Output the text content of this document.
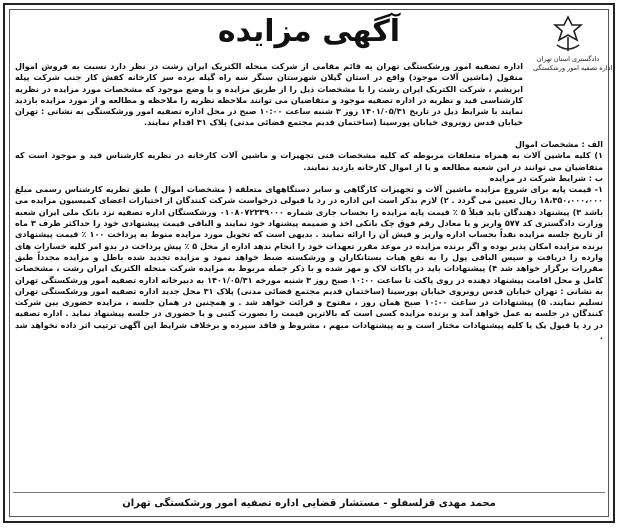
دادگستری استان تهران
اداره تصفیه امور ورشکستگی
آگهی مزایده

اداره تصفیه امور ورشکستگی تهران به قائم مقامی از شرکت منحله الکتریک ایران رشت در نظر دارد نسبت به فروش اموال منقول (ماشین آلات موجود) واقع در استان گیلان شهرستان سنگر سه راه گیله برده سر کارخانه کفش کار جنب شرکت پیله ابریشم ، شرکت الکتریک ایران رشت را با مشخصات ذیل را از طریق مزایده و با وضع موجود که مشخصات مورد مزایده در نظریه کارشناسی قید و نظریه در اداره تصفیه موجود و متقاضیان می توانند ملاحظه نظریه را ملاحظه و مطالعه و از مورد مزایده بازدید نمایند با شرایط ذیل در تاریخ ۱۴۰۱/۰۵/۳۱ روز ۳ شنبه ساعت ۱۰:۰۰ صبح در محل اداره تصفیه امور ورشکستگی به نشانی : تهران خیابان قدس روبروی خیابان پورسینا (ساختمان قدیم مجتمع قضائی مدنی) پلاک ۳۱ اقدام نمایند.

الف : مشخصات اموال

۱) کلیه ماشین آلات به همراه متعلقات مربوطه که کلیه مشخصات فنی تجهیزات و ماشین آلات کارخانه در نظریه کارشناس قید و موجود است که متقاضیان می توانند در این شعبه مطالعه و یا از اموال کارخانه بازدید نمایند.

ب : شرایط شرکت در مزایده

۱- قیمت پایه برای شروع مزایده ماشین آلات و تجهیزات کارگاهی و سایر دستگاههای متعلقه ( مشخصات اموال ) طبق نظریه کارشناس رسمی مبلغ ۱۸،۳۵۰،۰۰۰،۰۰۰ ریال تعیین می گردد . ۲) لازم بذکر است این اداره در رد یا قبولی درخواست شرکت کنندگان از اختیارات اعضای کمیسیون مزایده می باشد ۳) پیشنهاد دهندگان باید قبلاً ۵ ٪ قیمت پایه مزایده را بحساب جاری شماره ۰۱۰۸۰۷۲۳۳۹۰۰۰ ورشکستگان اداره تصفیه نزد بانک ملی ایران شعبه وزارت دادگستری کد ۵۷۷ واریز و یا معادل رقم فوق چک بانکی اخذ و ضمیمه پیشنهاد خود نمایند و الباقی قیمت پیشنهادی خود را حداکثر ظرف ۳ ماه از تاریخ جلسه مزایده نقداً بحساب اداره واریز و فیش آن را ارائه نمایند . بدیهی است که تحویل مورد مزایده منوط به پرداخت ۱۰۰ ٪ قیمت پیشنهادی برنده مزایده امکان پذیر بوده و اگر برنده مزایده در موعد مقرر تعهدات خود را انجام ندهد اداره از محل ۵ ٪ پیش پرداخت در بدو امر کلیه خسارات های وارده را دریافت و سپس الباقی پول را به نفع هیات بستانکاران و ورشکسته ضبط خواهد نمود و مزایده تجدید شده باطل و مزایده مجدداً طبق مقررات برگزار خواهد شد ۴) پیشنهادات باید در پاکات لاک و مهر شده و با ذکر جمله مربوط به مزایده شرکت منحله الکتریک ایران رشت ، مشخصات کامل و محل اقامت پیشنهاد دهنده در روی پاکت تا ساعت ۱۰:۰۰ صبح روز ۳ شنبه مورخه ۱۴۰۱/۰۵/۳۱ به دبیرخانه اداره تصفیه امور ورشکستگی تهران به نشانی : تهران خیابان قدس روبروی خیابان پورسینا (ساختمان قدیم مجتمع قضائی مدنی) پلاک ۳۱ محل جدید اداره تصفیه امور ورشکستگی تهران تسلیم نمایند. ۵) پیشنهادات در ساعت ۱۰:۰۰ صبح همان روز ، مفتوح و قرائت خواهد شد . و همچنین در همان جلسه ، مزایده حضوری بین شرکت کنندگان در جلسه به عمل خواهد آمد و برنده مزایده کسی است که بالاترین قیمت را بصورت کتبی و یا حضوری در جلسه پیشنهاد نماید . اداره تصفیه در رد یا قبول یک یا کلیه پیشنهادات مختار است و به پیشنهادات مبهم ، مشروط و فاقد سپرده و برخلاف شرایط این آگهی ترتیب اثر داده نخواهد شد .

محمد مهدی قزلسفلو - مستشار قضایی اداره تصفیه امور ورشکستگی تهران
